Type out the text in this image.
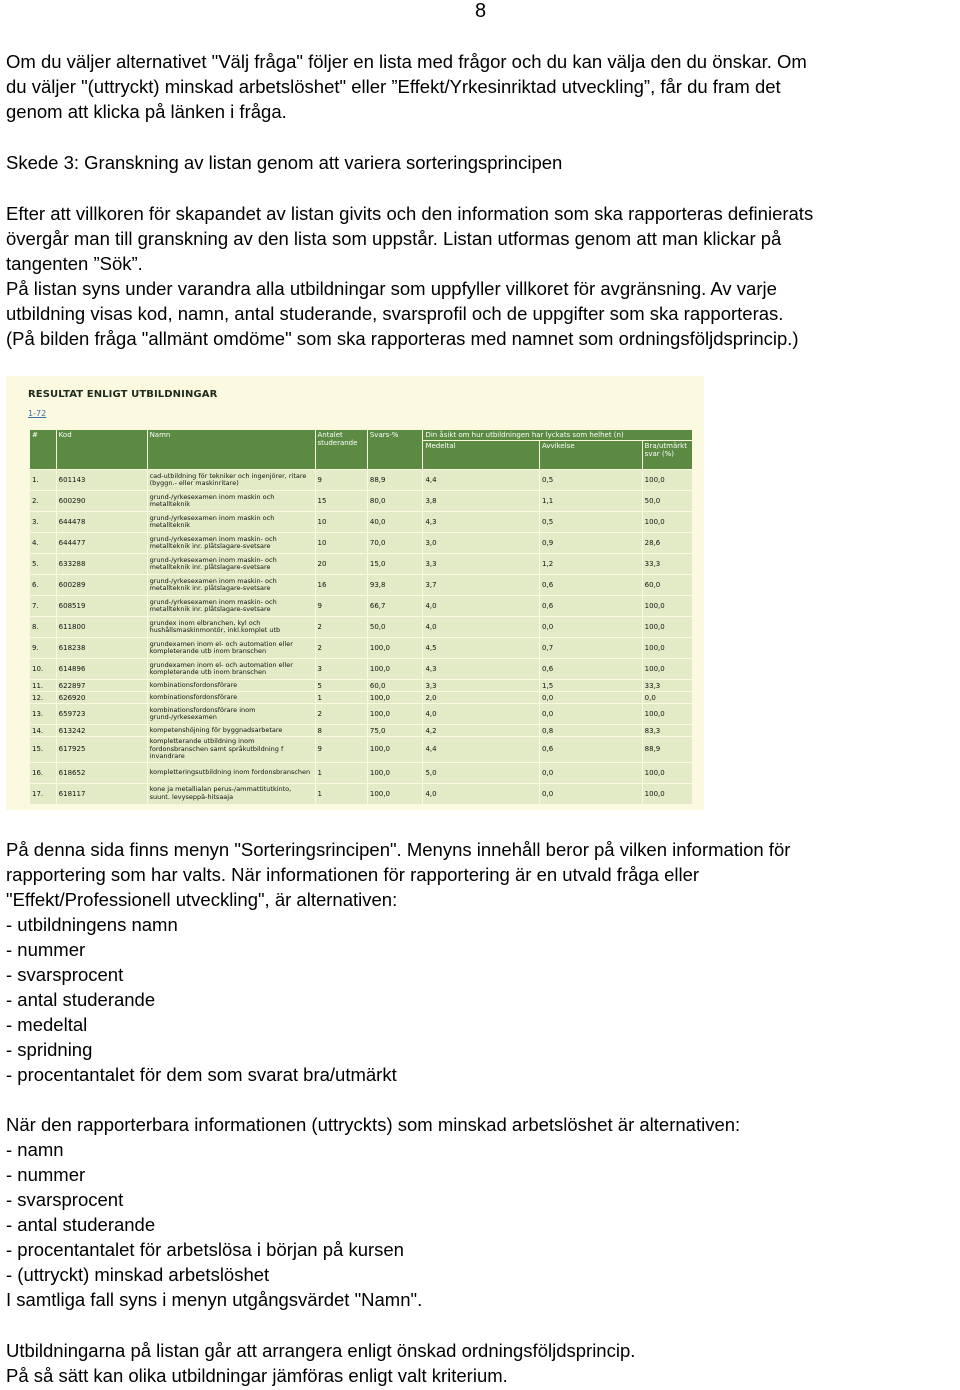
8

Om du väljer alternativet "Välj fråga" följer en lista med frågor och du kan välja den du önskar. Om

du väljer "(uttryckt) minskad arbetslöshet" eller ”Effekt/Yrkesinriktad utveckling”, får du fram det

genom att klicka på länken i fråga.

Skede 3: Granskning av listan genom att variera sorteringsprincipen

Efter att villkoren för skapandet av listan givits och den information som ska rapporteras definierats

övergår man till granskning av den lista som uppstår. Listan utformas genom att man klickar på

tangenten ”Sök”.

På listan syns under varandra alla utbildningar som uppfyller villkoret för avgränsning. Av varje

utbildning visas kod, namn, antal studerande, svarsprofil och de uppgifter som ska rapporteras.

(På bilden fråga "allmänt omdöme" som ska rapporteras med namnet som ordningsföljdsprincip.)

RESULTAT ENLIGT UTBILDNINGAR
1-72
#	Kod	Namn	Antalet studerande	Svars-%	Din åsikt om hur utbildningen har lyckats som helhet (n)		
					Medeltal	Avvikelse	Bra/utmärkt svar (%)
1.	601143	cad-utbildning för tekniker och ingenjörer, ritare (byggn.- eller maskinritare)	9	88,9	4,4	0,5	100,0
2.	600290	grund-/yrkesexamen inom maskin och metallteknik	15	80,0	3,8	1,1	50,0
3.	644478	grund-/yrkesexamen inom maskin och metallteknik	10	40,0	4,3	0,5	100,0
4.	644477	grund-/yrkesexamen inom maskin- och metallteknik inr. plåtslagare-svetsare	10	70,0	3,0	0,9	28,6
5.	633288	grund-/yrkesexamen inom maskin- och metallteknik inr. plåtslagare-svetsare	20	15,0	3,3	1,2	33,3
6.	600289	grund-/yrkesexamen inom maskin- och metallteknik inr. plåtslagare-svetsare	16	93,8	3,7	0,6	60,0
7.	608519	grund-/yrkesexamen inom maskin- och metallteknik inr. plåtslagare-svetsare	9	66,7	4,0	0,6	100,0
8.	611800	grundex inom elbranchen, kyl och hushållsmaskinmontör, inkl.komplet utb	2	50,0	4,0	0,0	100,0
9.	618238	grundexamen inom el- och automation eller kompleterande utb inom branschen	2	100,0	4,5	0,7	100,0
10.	614896	grundexamen inom el- och automation eller kompleterande utb inom branschen	3	100,0	4,3	0,6	100,0
11.	622897	kombinationsfordonsförare	5	60,0	3,3	1,5	33,3
12.	626920	kombinationsfordonsförare	1	100,0	2,0	0,0	0,0
13.	659723	kombinationsfordonsförare inom grund-/yrkesexamen	2	100,0	4,0	0,0	100,0
14.	613242	kompetenshöjning för byggnadsarbetare	8	75,0	4,2	0,8	83,3
15.	617925	kompletterande utbildning inom fordonsbranschen samt språkutbildning f invandrare	9	100,0	4,4	0,6	88,9
16.	618652	kompletteringsutbildning inom fordonsbranschen	1	100,0	5,0	0,0	100,0
17.	618117	kone ja metallialan perus-/ammattitutkinto, suunt. levyseppä-hitsaaja	1	100,0	4,0	0,0	100,0

På denna sida finns menyn "Sorteringsrincipen". Menyns innehåll beror på vilken information för

rapportering som har valts. När informationen för rapportering är en utvald fråga eller

"Effekt/Professionell utveckling", är alternativen:

- utbildningens namn
- nummer
- svarsprocent
- antal studerande
- medeltal
- spridning
- procentantalet för dem som svarat bra/utmärkt

När den rapporterbara informationen (uttryckts) som minskad arbetslöshet är alternativen:

- namn
- nummer
- svarsprocent
- antal studerande
- procentantalet för arbetslösa i början på kursen
- (uttryckt) minskad arbetslöshet

I samtliga fall syns i menyn utgångsvärdet "Namn".

Utbildningarna på listan går att arrangera enligt önskad ordningsföljdsprincip.

På så sätt kan olika utbildningar jämföras enligt valt kriterium.
